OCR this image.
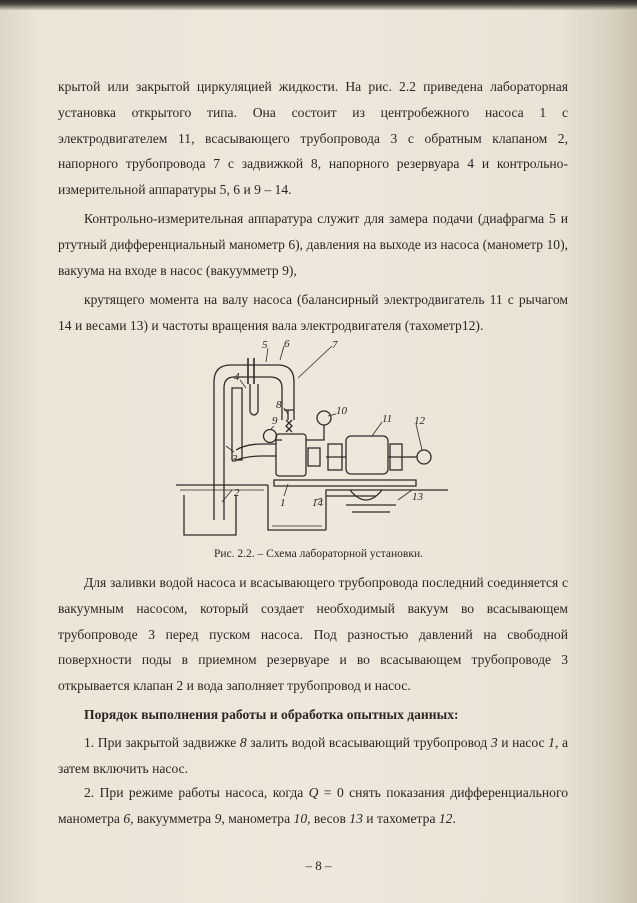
крытой или закрытой циркуляцией жидкости. На рис. 2.2 приведена лабораторная установка открытого типа. Она состоит из центробежного насоса 1 с электродвигателем 11, всасывающего трубопровода 3 с обратным клапаном 2, напорного трубопровода 7 с задвижкой 8, напорного резервуара 4 и контрольно-измерительной аппаратуры 5, 6 и 9 – 14.

Контрольно-измерительная аппаратура служит для замера подачи (диафрагма 5 и ртутный дифференциальный манометр 6), давления на выходе из насоса (манометр 10), вакуума на входе в насос (вакуумметр 9),

крутящего момента на валу насоса (балансирный электродвигатель 11 с рычагом 14 и весами 13) и частоты вращения вала электродвигателя (тахометр12).

5 6	7
4
8
9
10
11 12
3
2
1 14	13
Рис. 2.2. – Схема лабораторной установки.

Для заливки водой насоса и всасывающего трубопровода последний соединяется с вакуумным насосом, который создает необходимый вакуум во всасывающем трубопроводе 3 перед пуском насоса. Под разностью давлений на свободной поверхности поды в приемном резервуаре и во всасывающем трубопроводе 3 открывается клапан 2 и вода заполняет трубопровод и насос.

Порядок выполнения работы и обработка опытных данных:

1. При закрытой задвижке 8 залить водой всасывающий трубопровод 3 и насос 1, а затем включить насос.

2. При режиме работы насоса, когда Q = 0 снять показания дифференциального манометра 6, вакуумметра 9, манометра 10, весов 13 и тахометра 12.

– 8 –
